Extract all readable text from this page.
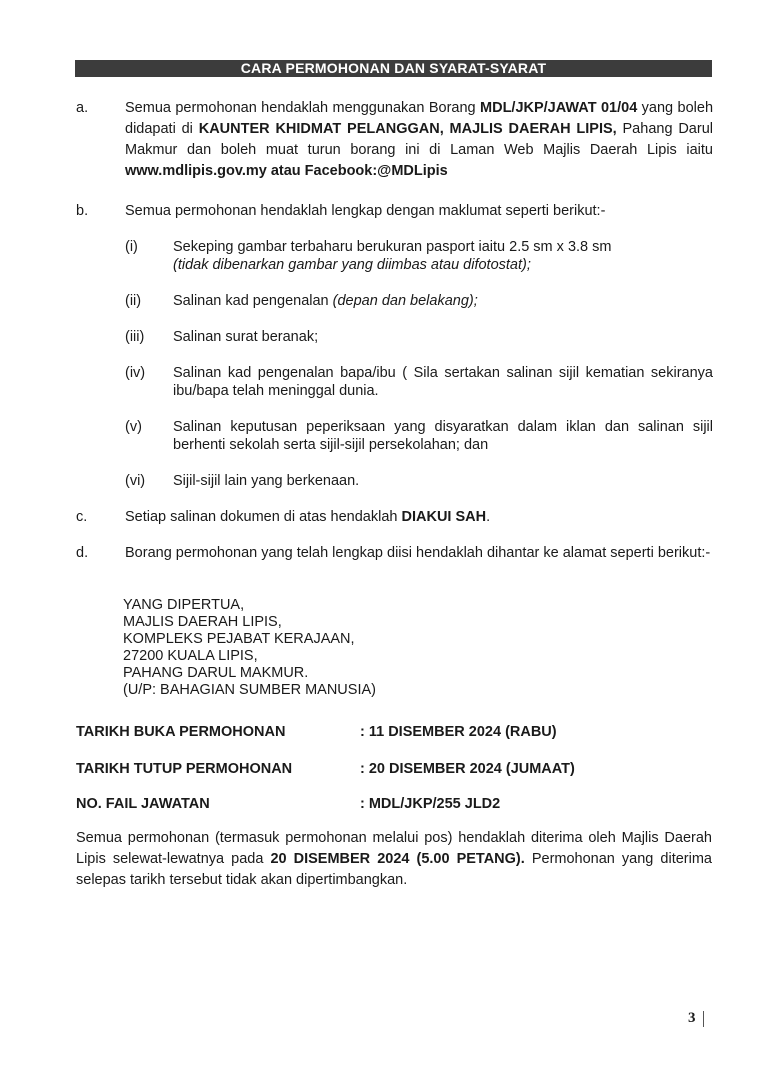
CARA PERMOHONAN DAN SYARAT-SYARAT
a.	Semua permohonan hendaklah menggunakan Borang MDL/JKP/JAWAT 01/04 yang boleh didapati di KAUNTER KHIDMAT PELANGGAN, MAJLIS DAERAH LIPIS, Pahang Darul Makmur dan boleh muat turun borang ini di Laman Web Majlis Daerah Lipis iaitu www.mdlipis.gov.my atau Facebook:@MDLipis
b.	Semua permohonan hendaklah lengkap dengan maklumat seperti berikut:-
(i) Sekeping gambar terbaharu berukuran pasport iaitu 2.5 sm x 3.8 sm
(tidak dibenarkan gambar yang diimbas atau difotostat);
(ii) Salinan kad pengenalan (depan dan belakang);
(iii) Salinan surat beranak;
(iv) Salinan kad pengenalan bapa/ibu ( Sila sertakan salinan sijil kematian sekiranya ibu/bapa telah meninggal dunia.
(v) Salinan keputusan peperiksaan yang disyaratkan dalam iklan dan salinan sijil berhenti sekolah serta sijil-sijil persekolahan; dan
(vi) Sijil-sijil lain yang berkenaan.
c.	Setiap salinan dokumen di atas hendaklah DIAKUI SAH.
d.	Borang permohonan yang telah lengkap diisi hendaklah dihantar ke alamat seperti berikut:-
YANG DIPERTUA,
MAJLIS DAERAH LIPIS,
KOMPLEKS PEJABAT KERAJAAN,
27200 KUALA LIPIS,
PAHANG DARUL MAKMUR.
(U/P: BAHAGIAN SUMBER MANUSIA)
TARIKH BUKA PERMOHONAN	: 11 DISEMBER 2024 (RABU)
TARIKH TUTUP PERMOHONAN	: 20 DISEMBER 2024 (JUMAAT)
NO. FAIL JAWATAN	: MDL/JKP/255 JLD2
Semua permohonan (termasuk permohonan melalui pos) hendaklah diterima oleh Majlis Daerah Lipis selewat-lewatnya pada 20 DISEMBER 2024 (5.00 PETANG). Permohonan yang diterima selepas tarikh tersebut tidak akan dipertimbangkan.
3
